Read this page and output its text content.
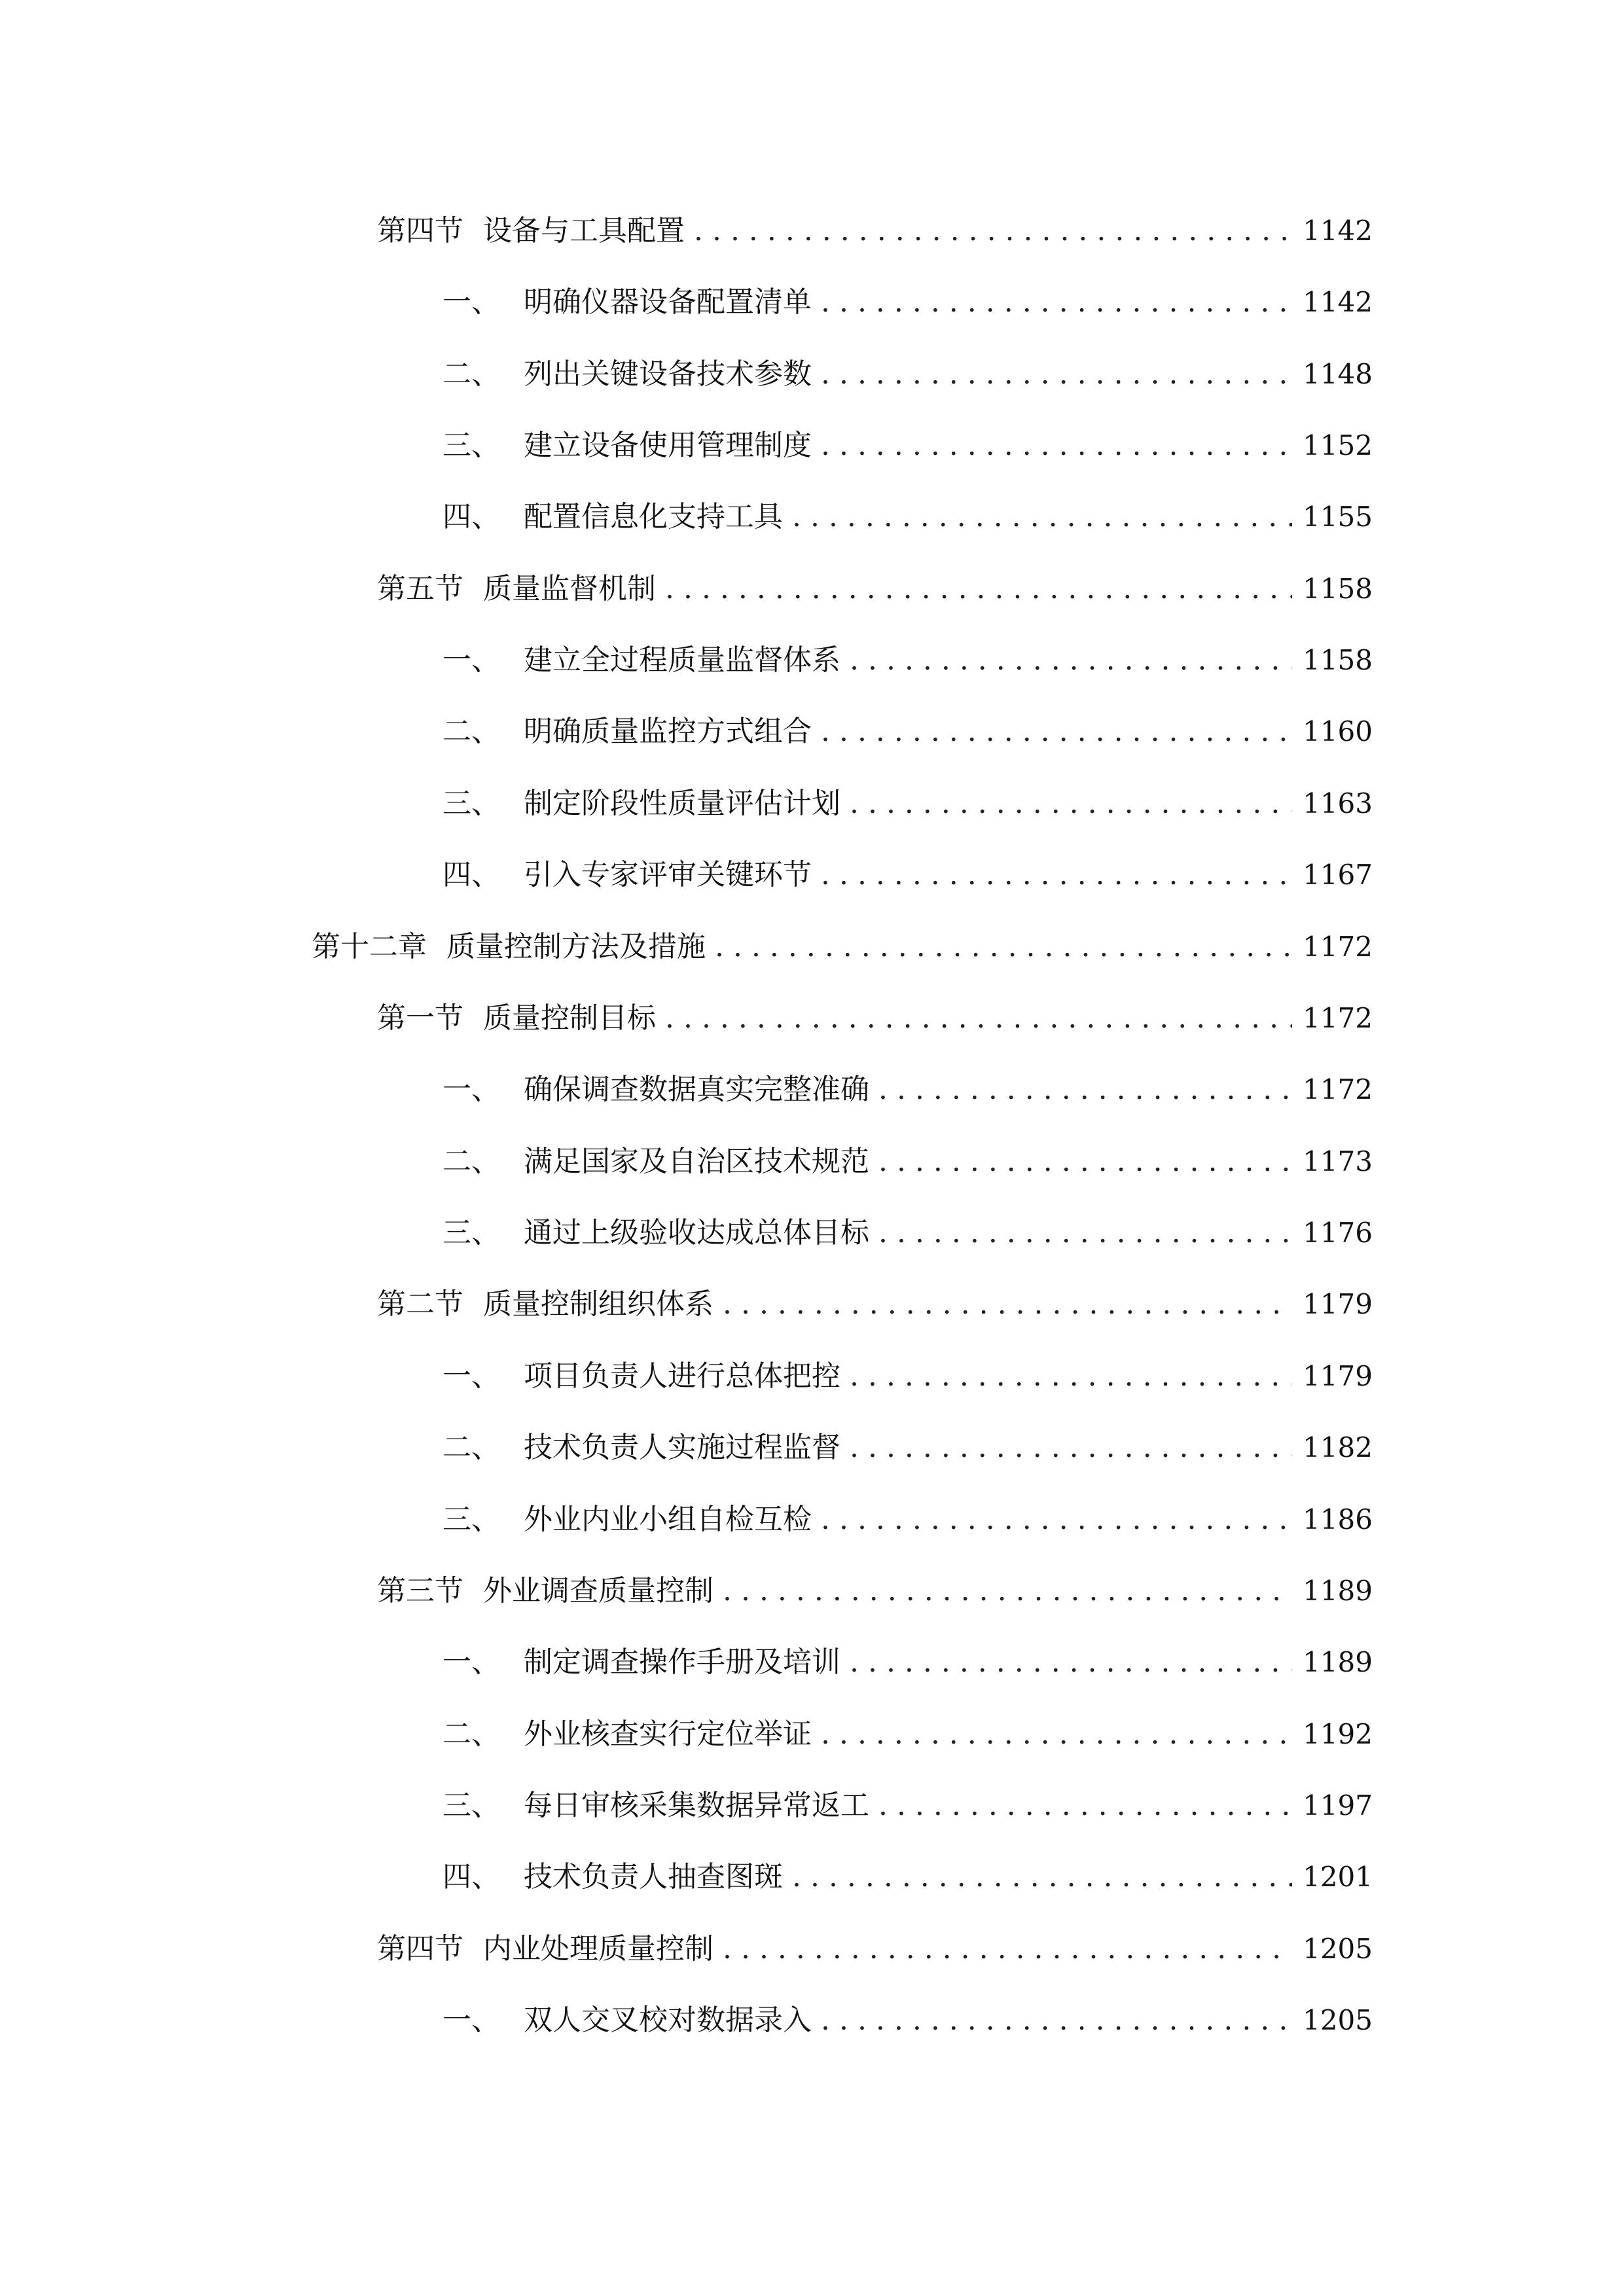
第四节 设备与工具配置 . . .	1142
一、 明确仪器设备配置清单 . . .	1142
二、 列出关键设备技术参数 . . .	1148
三、 建立设备使用管理制度 . . .	1152
四、 配置信息化支持工具 . . .	1155
第五节 质量监督机制 . . .	1158
一、 建立全过程质量监督体系 . . .	1158
二、 明确质量监控方式组合 . . .	1160
三、 制定阶段性质量评估计划 . . .	1163
四、 引入专家评审关键环节 . . .	1167
第十二章 质量控制方法及措施 . . .	1172
第一节 质量控制目标 . . .	1172
一、 确保调查数据真实完整准确 . . .	1172
二、 满足国家及自治区技术规范 . . .	1173
三、 通过上级验收达成总体目标 . . .	1176
第二节 质量控制组织体系 . . .	1179
一、 项目负责人进行总体把控 . . .	1179
二、 技术负责人实施过程监督 . . .	1182
三、 外业内业小组自检互检 . . .	1186
第三节 外业调查质量控制 . . .	1189
一、 制定调查操作手册及培训 . . .	1189
二、 外业核查实行定位举证 . . .	1192
三、 每日审核采集数据异常返工 . . .	1197
四、 技术负责人抽查图斑 . . .	1201
第四节 内业处理质量控制 . . .	1205
一、 双人交叉校对数据录入 . . .	1205
